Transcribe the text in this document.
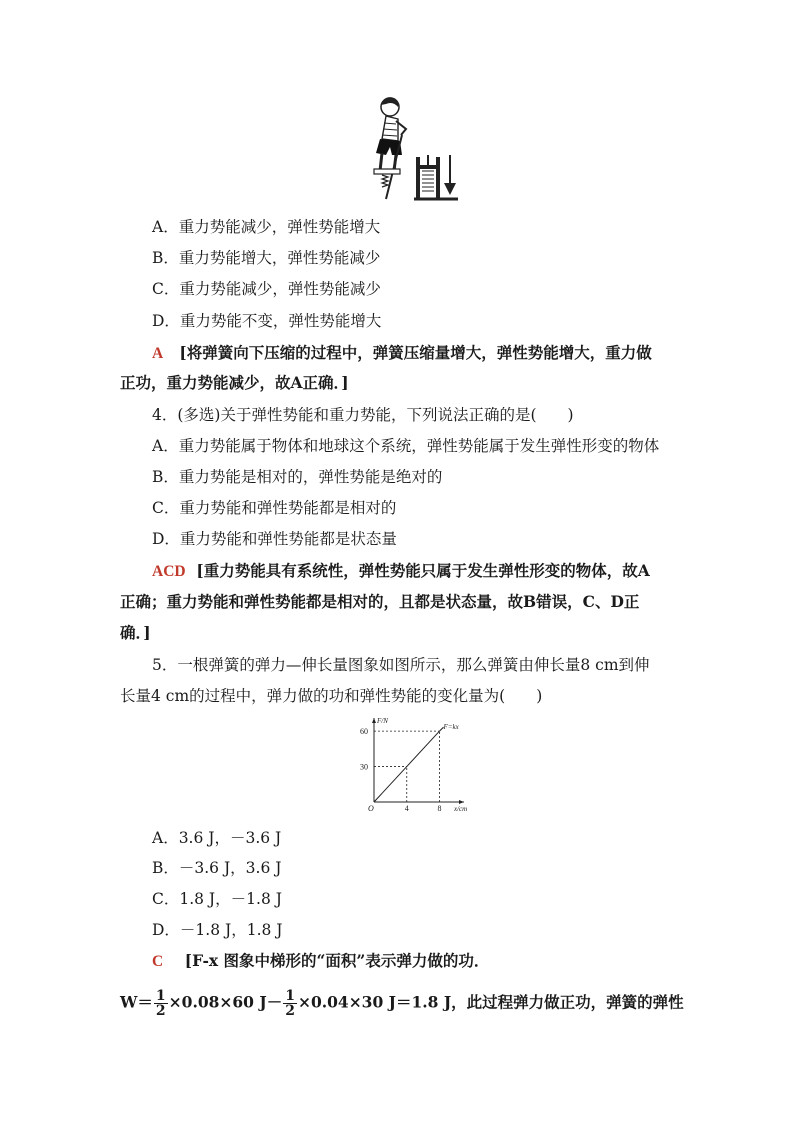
A．重力势能减少，弹性势能增大
B．重力势能增大，弹性势能减少
C．重力势能减少，弹性势能减少
D．重力势能不变，弹性势能增大
A [将弹簧向下压缩的过程中，弹簧压缩量增大，弹性势能增大，重力做
正功，重力势能减少，故A正确．]
4．(多选)关于弹性势能和重力势能，下列说法正确的是(　　)
A．重力势能属于物体和地球这个系统，弹性势能属于发生弹性形变的物体
B．重力势能是相对的，弹性势能是绝对的
C．重力势能和弹性势能都是相对的
D．重力势能和弹性势能都是状态量
ACD [重力势能具有系统性，弹性势能只属于发生弹性形变的物体，故A
正确；重力势能和弹性势能都是相对的，且都是状态量，故B错误，C、D正
确．]
5．一根弹簧的弹力—伸长量图象如图所示，那么弹簧由伸长量8 cm到伸
长量4 cm的过程中，弹力做的功和弹性势能的变化量为(　　)
F/N
x/cm
O	4	8
30
60	F=kx
A．3.6 J，－3.6 J
B．－3.6 J，3.6 J
C．1.8 J，－1.8 J
D．－1.8 J，1.8 J
C [F-x 图象中梯形的“面积”表示弹力做的功．
$W= \frac{1}{2} \times 0.08\times 60$ $J- \frac{1}{2} \times 0.04\times 30$ J＝1.8 J，此过程弹力做正功，弹簧的弹性
